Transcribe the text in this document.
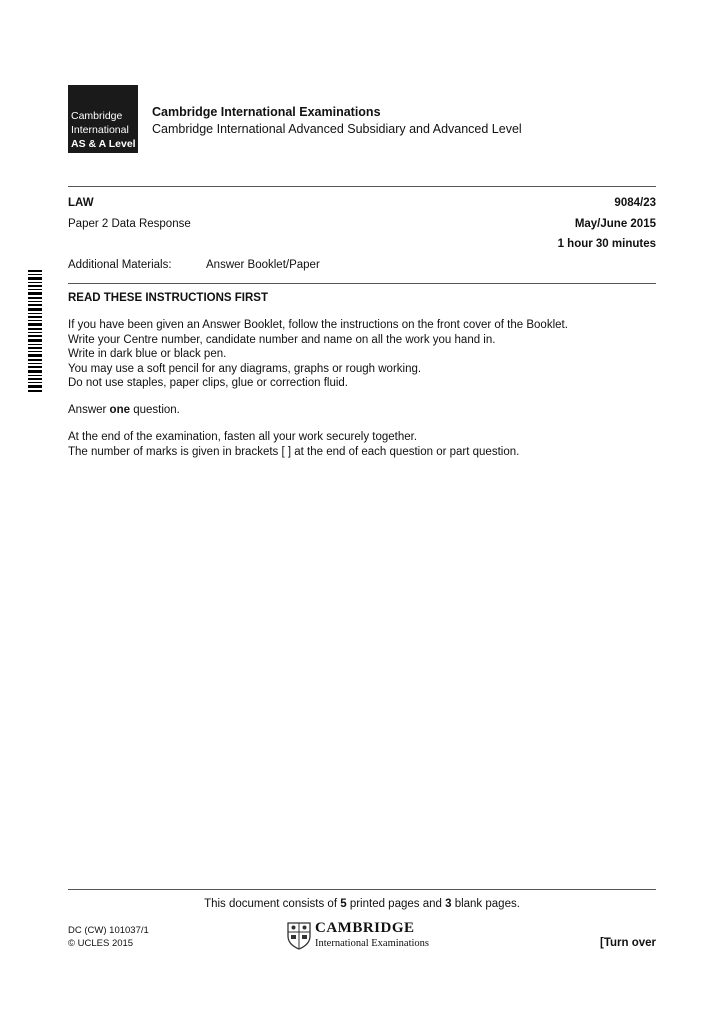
Cambridge
International
AS & A Level
Cambridge International Examinations
Cambridge International Advanced Subsidiary and Advanced Level
LAW	9084/23
Paper 2 Data Response	May/June 2015
1 hour 30 minutes
Additional Materials:	Answer Booklet/Paper
READ THESE INSTRUCTIONS FIRST

If you have been given an Answer Booklet, follow the instructions on the front cover of the Booklet.

Write your Centre number, candidate number and name on all the work you hand in.

Write in dark blue or black pen.

You may use a soft pencil for any diagrams, graphs or rough working.

Do not use staples, paper clips, glue or correction fluid.

Answer one question.

At the end of the examination, fasten all your work securely together.

The number of marks is given in brackets [ ] at the end of each question or part question.

This document consists of 5 printed pages and 3 blank pages.
DC (CW) 101037/1
© UCLES 2015
CAMBRIDGE
International Examinations	[Turn over
